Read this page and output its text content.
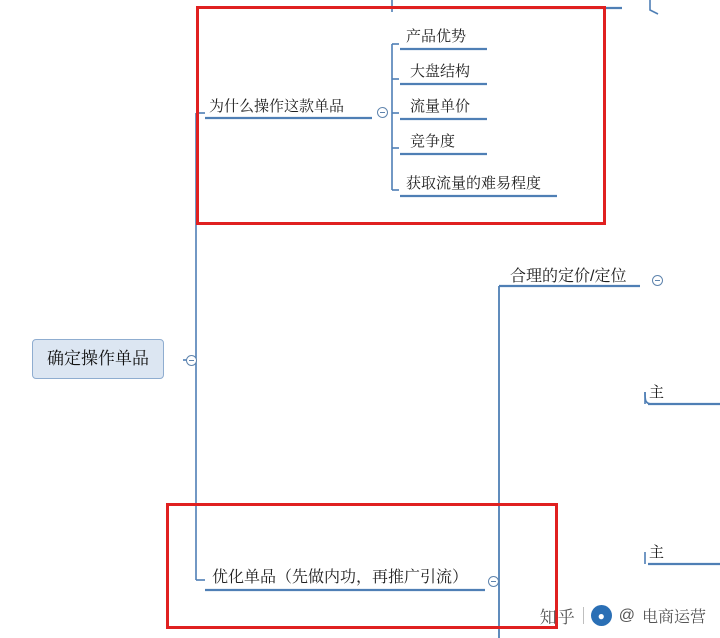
确定操作单品
为什么操作这款单品
产品优势
大盘结构
流量单价
竞争度
获取流量的难易程度
合理的定价/定位
主
主
优化单品（先做内功，再推广引流）
知乎	● @ 电商运营
